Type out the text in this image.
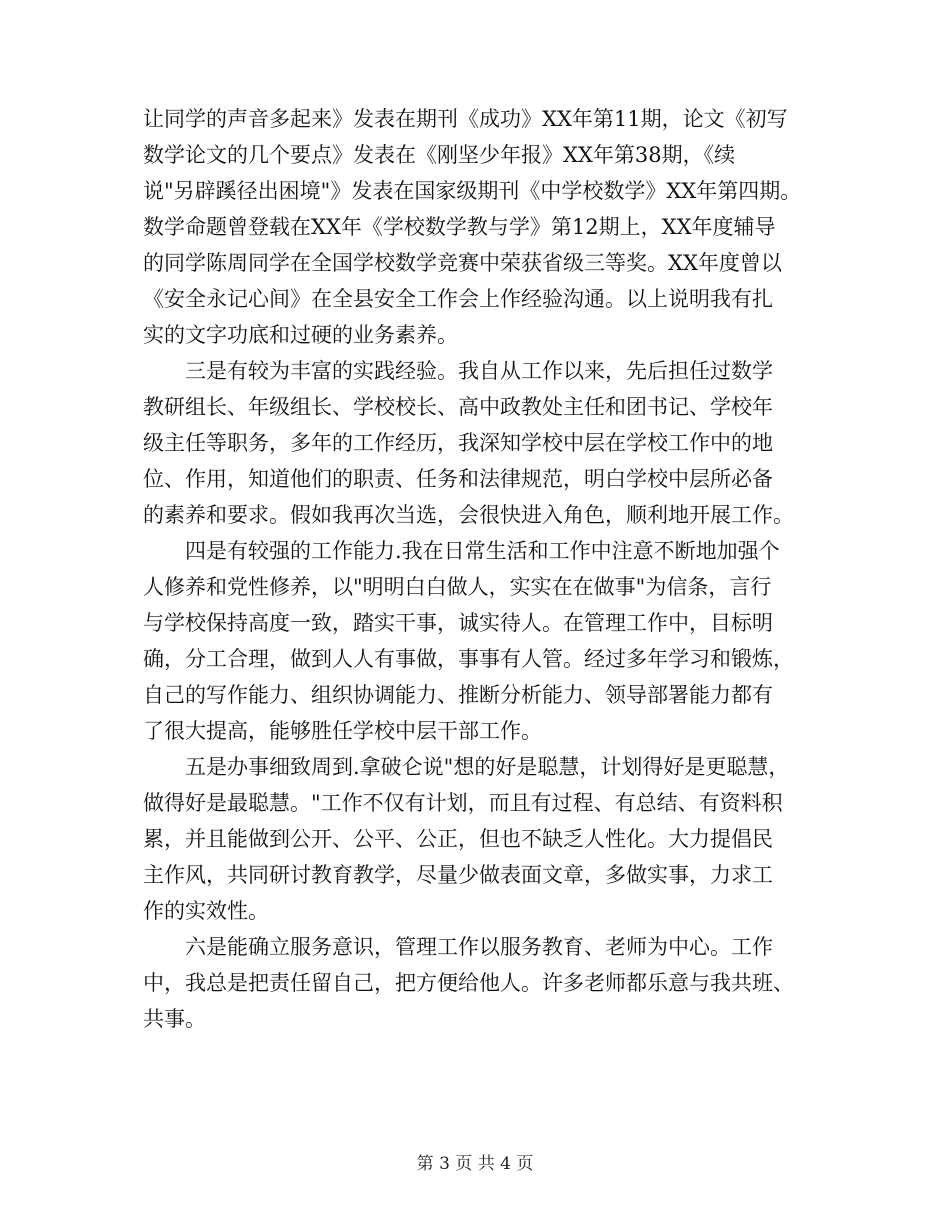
让同学的声音多起来》发表在期刊《成功》XX年第11期，论文《初写
数学论文的几个要点》发表在《刚坚少年报》XX年第38期，《续
说"另辟蹊径出困境"》发表在国家级期刊《中学校数学》XX年第四期。
数学命题曾登载在XX年《学校数学教与学》第12期上，XX年度辅导
的同学陈周同学在全国学校数学竞赛中荣获省级三等奖。XX年度曾以
《安全永记心间》在全县安全工作会上作经验沟通。以上说明我有扎
实的文字功底和过硬的业务素养。
三是有较为丰富的实践经验。我自从工作以来，先后担任过数学
教研组长、年级组长、学校校长、高中政教处主任和团书记、学校年
级主任等职务，多年的工作经历，我深知学校中层在学校工作中的地
位、作用，知道他们的职责、任务和法律规范，明白学校中层所必备
的素养和要求。假如我再次当选，会很快进入角色，顺利地开展工作。
四是有较强的工作能力.我在日常生活和工作中注意不断地加强个
人修养和党性修养，以"明明白白做人，实实在在做事"为信条，言行
与学校保持高度一致，踏实干事，诚实待人。在管理工作中，目标明
确，分工合理，做到人人有事做，事事有人管。经过多年学习和锻炼，
自己的写作能力、组织协调能力、推断分析能力、领导部署能力都有
了很大提高，能够胜任学校中层干部工作。
五是办事细致周到.拿破仑说"想的好是聪慧，计划得好是更聪慧，
做得好是最聪慧。"工作不仅有计划，而且有过程、有总结、有资料积
累，并且能做到公开、公平、公正，但也不缺乏人性化。大力提倡民
主作风，共同研讨教育教学，尽量少做表面文章，多做实事，力求工
作的实效性。
六是能确立服务意识，管理工作以服务教育、老师为中心。工作
中，我总是把责任留自己，把方便给他人。许多老师都乐意与我共班、
共事。
第 3 页 共 4 页
